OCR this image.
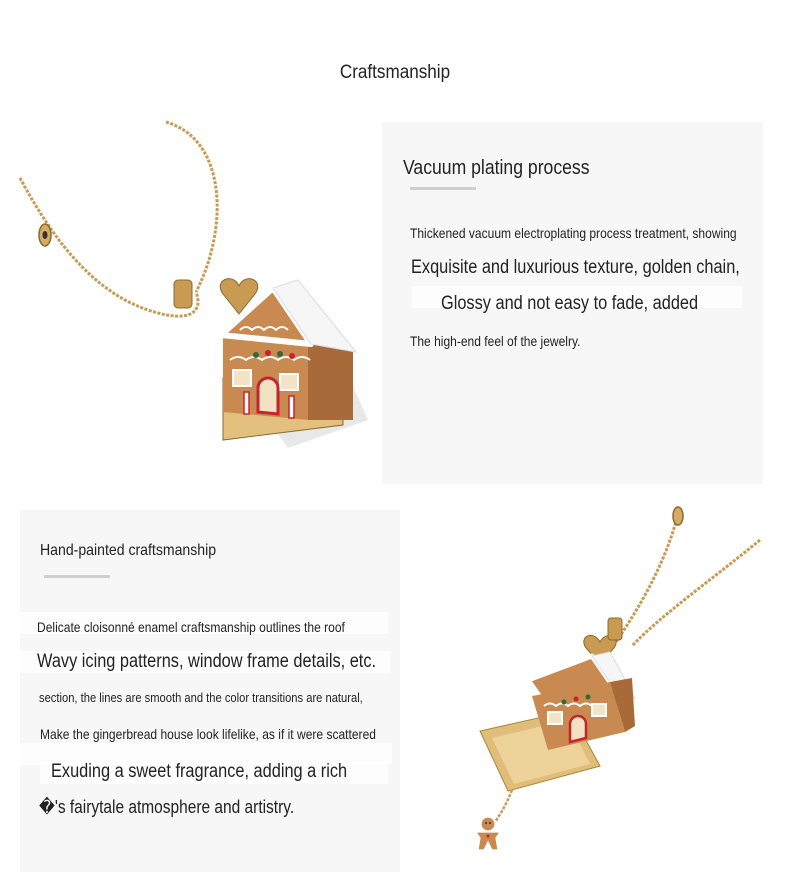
Craftsmanship
Vacuum plating process
Thickened vacuum electroplating process treatment, showing
Exquisite and luxurious texture, golden chain,
Glossy and not easy to fade, added
The high-end feel of the jewelry.
Hand-painted craftsmanship
Delicate cloisonné enamel craftsmanship outlines the roof
Wavy icing patterns, window frame details, etc.
section, the lines are smooth and the color transitions are natural,
Make the gingerbread house look lifelike, as if it were scattered
Exuding a sweet fragrance, adding a rich
�'s fairytale atmosphere and artistry.
